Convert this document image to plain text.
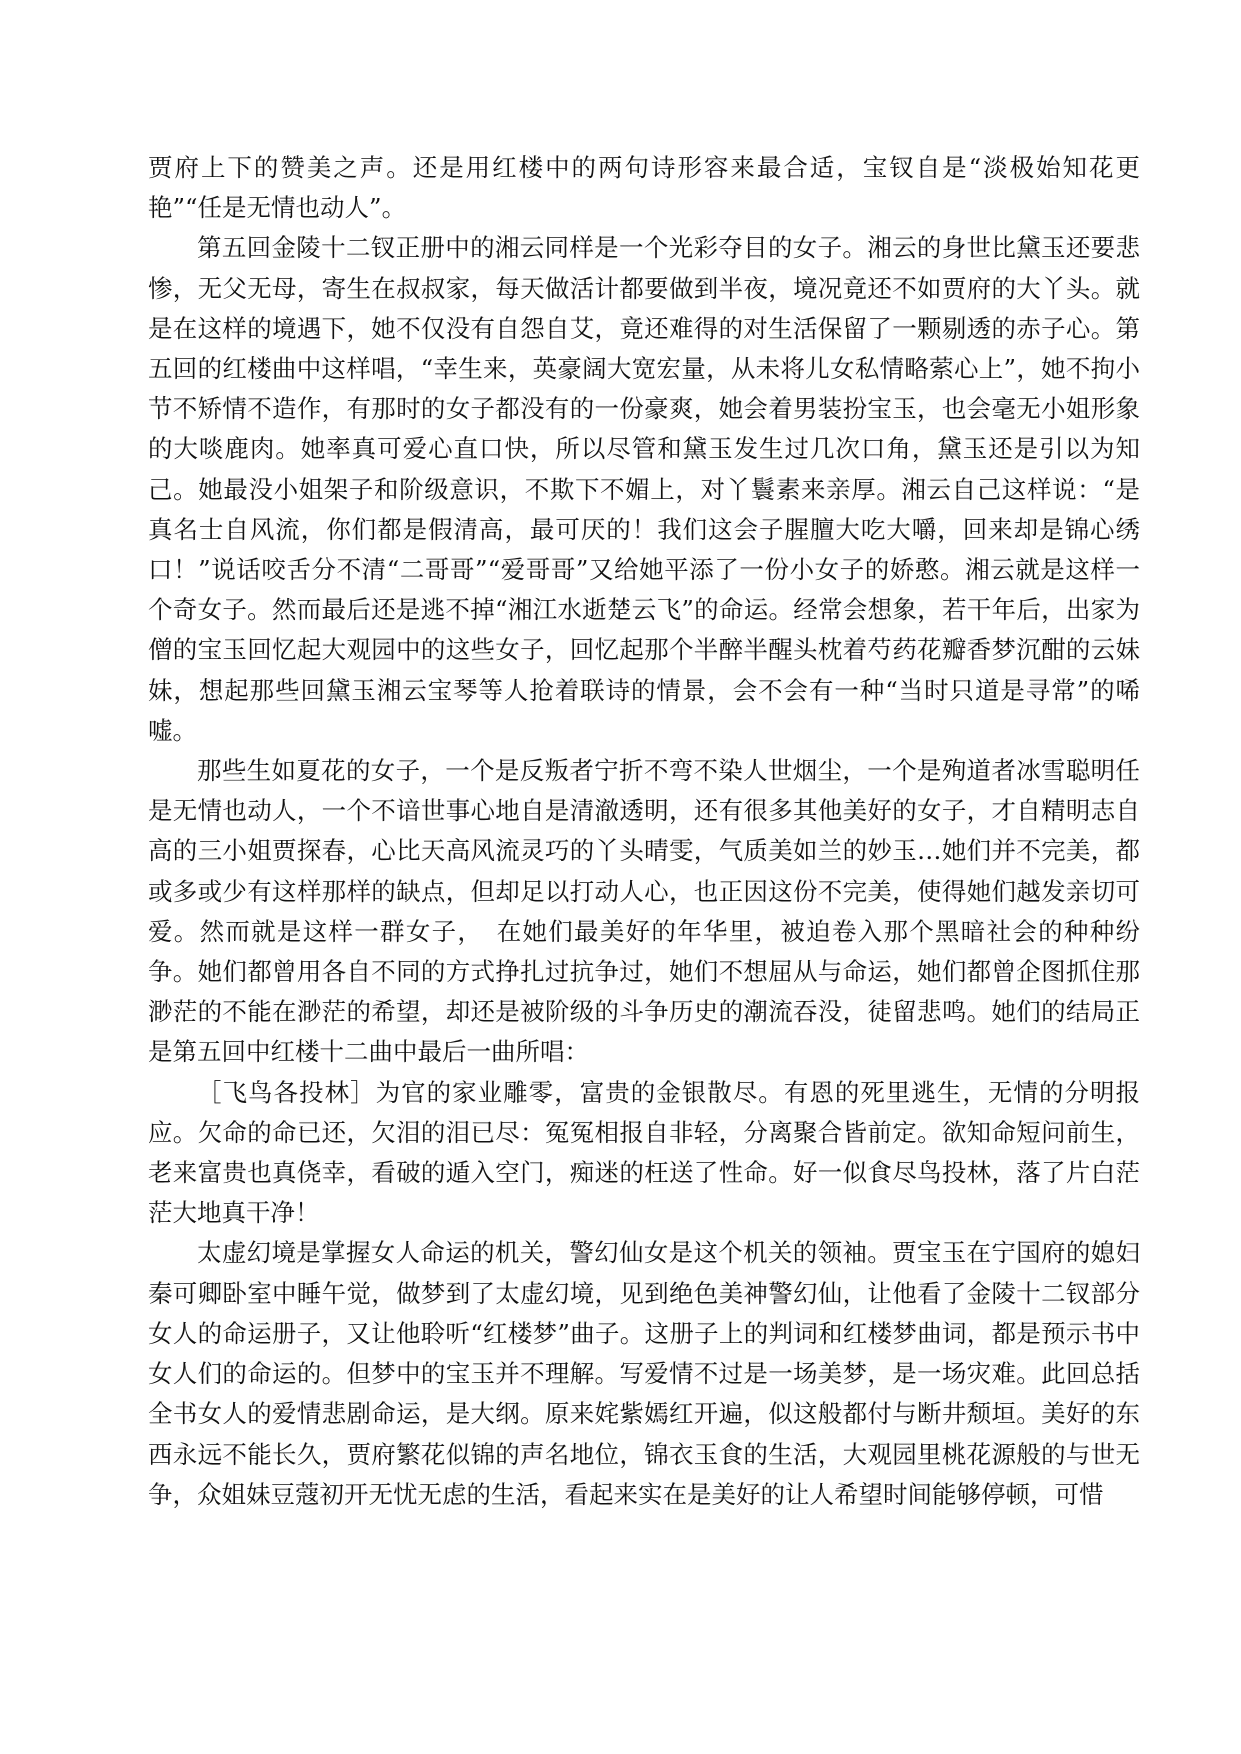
贾府上下的赞美之声。还是用红楼中的两句诗形容来最合适，宝钗自是“淡极始知花更艳”“任是无情也动人”。

第五回金陵十二钗正册中的湘云同样是一个光彩夺目的女子。湘云的身世比黛玉还要悲惨，无父无母，寄生在叔叔家，每天做活计都要做到半夜，境况竟还不如贾府的大丫头。就是在这样的境遇下，她不仅没有自怨自艾，竟还难得的对生活保留了一颗剔透的赤子心。第五回的红楼曲中这样唱，“幸生来，英豪阔大宽宏量，从未将儿女私情略萦心上”，她不拘小节不矫情不造作，有那时的女子都没有的一份豪爽，她会着男装扮宝玉，也会毫无小姐形象的大啖鹿肉。她率真可爱心直口快，所以尽管和黛玉发生过几次口角，黛玉还是引以为知己。她最没小姐架子和阶级意识，不欺下不媚上，对丫鬟素来亲厚。湘云自己这样说：“是真名士自风流，你们都是假清高，最可厌的！我们这会子腥膻大吃大嚼，回来却是锦心绣口！”说话咬舌分不清“二哥哥”“爱哥哥”又给她平添了一份小女子的娇憨。湘云就是这样一个奇女子。然而最后还是逃不掉“湘江水逝楚云飞”的命运。经常会想象，若干年后，出家为僧的宝玉回忆起大观园中的这些女子，回忆起那个半醉半醒头枕着芍药花瓣香梦沉酣的云妹妹，想起那些回黛玉湘云宝琴等人抢着联诗的情景，会不会有一种“当时只道是寻常”的唏嘘。

那些生如夏花的女子，一个是反叛者宁折不弯不染人世烟尘，一个是殉道者冰雪聪明任是无情也动人，一个不谙世事心地自是清澈透明，还有很多其他美好的女子，才自精明志自高的三小姐贾探春，心比天高风流灵巧的丫头晴雯，气质美如兰的妙玉…她们并不完美，都或多或少有这样那样的缺点，但却足以打动人心，也正因这份不完美，使得她们越发亲切可爱。然而就是这样一群女子，　在她们最美好的年华里，被迫卷入那个黑暗社会的种种纷争。她们都曾用各自不同的方式挣扎过抗争过，她们不想屈从与命运，她们都曾企图抓住那渺茫的不能在渺茫的希望，却还是被阶级的斗争历史的潮流吞没，徒留悲鸣。她们的结局正是第五回中红楼十二曲中最后一曲所唱：

［飞鸟各投林］为官的家业雕零，富贵的金银散尽。有恩的死里逃生，无情的分明报应。欠命的命已还，欠泪的泪已尽：冤冤相报自非轻，分离聚合皆前定。欲知命短问前生，老来富贵也真侥幸，看破的遁入空门，痴迷的枉送了性命。好一似食尽鸟投林，落了片白茫茫大地真干净！

太虚幻境是掌握女人命运的机关，警幻仙女是这个机关的领袖。贾宝玉在宁国府的媳妇秦可卿卧室中睡午觉，做梦到了太虚幻境，见到绝色美神警幻仙，让他看了金陵十二钗部分女人的命运册子，又让他聆听“红楼梦”曲子。这册子上的判词和红楼梦曲词，都是预示书中女人们的命运的。但梦中的宝玉并不理解。写爱情不过是一场美梦，是一场灾难。此回总括全书女人的爱情悲剧命运，是大纲。原来姹紫嫣红开遍，似这般都付与断井颓垣。美好的东西永远不能长久，贾府繁花似锦的声名地位，锦衣玉食的生活，大观园里桃花源般的与世无争，众姐妹豆蔻初开无忧无虑的生活，看起来实在是美好的让人希望时间能够停顿，可惜
